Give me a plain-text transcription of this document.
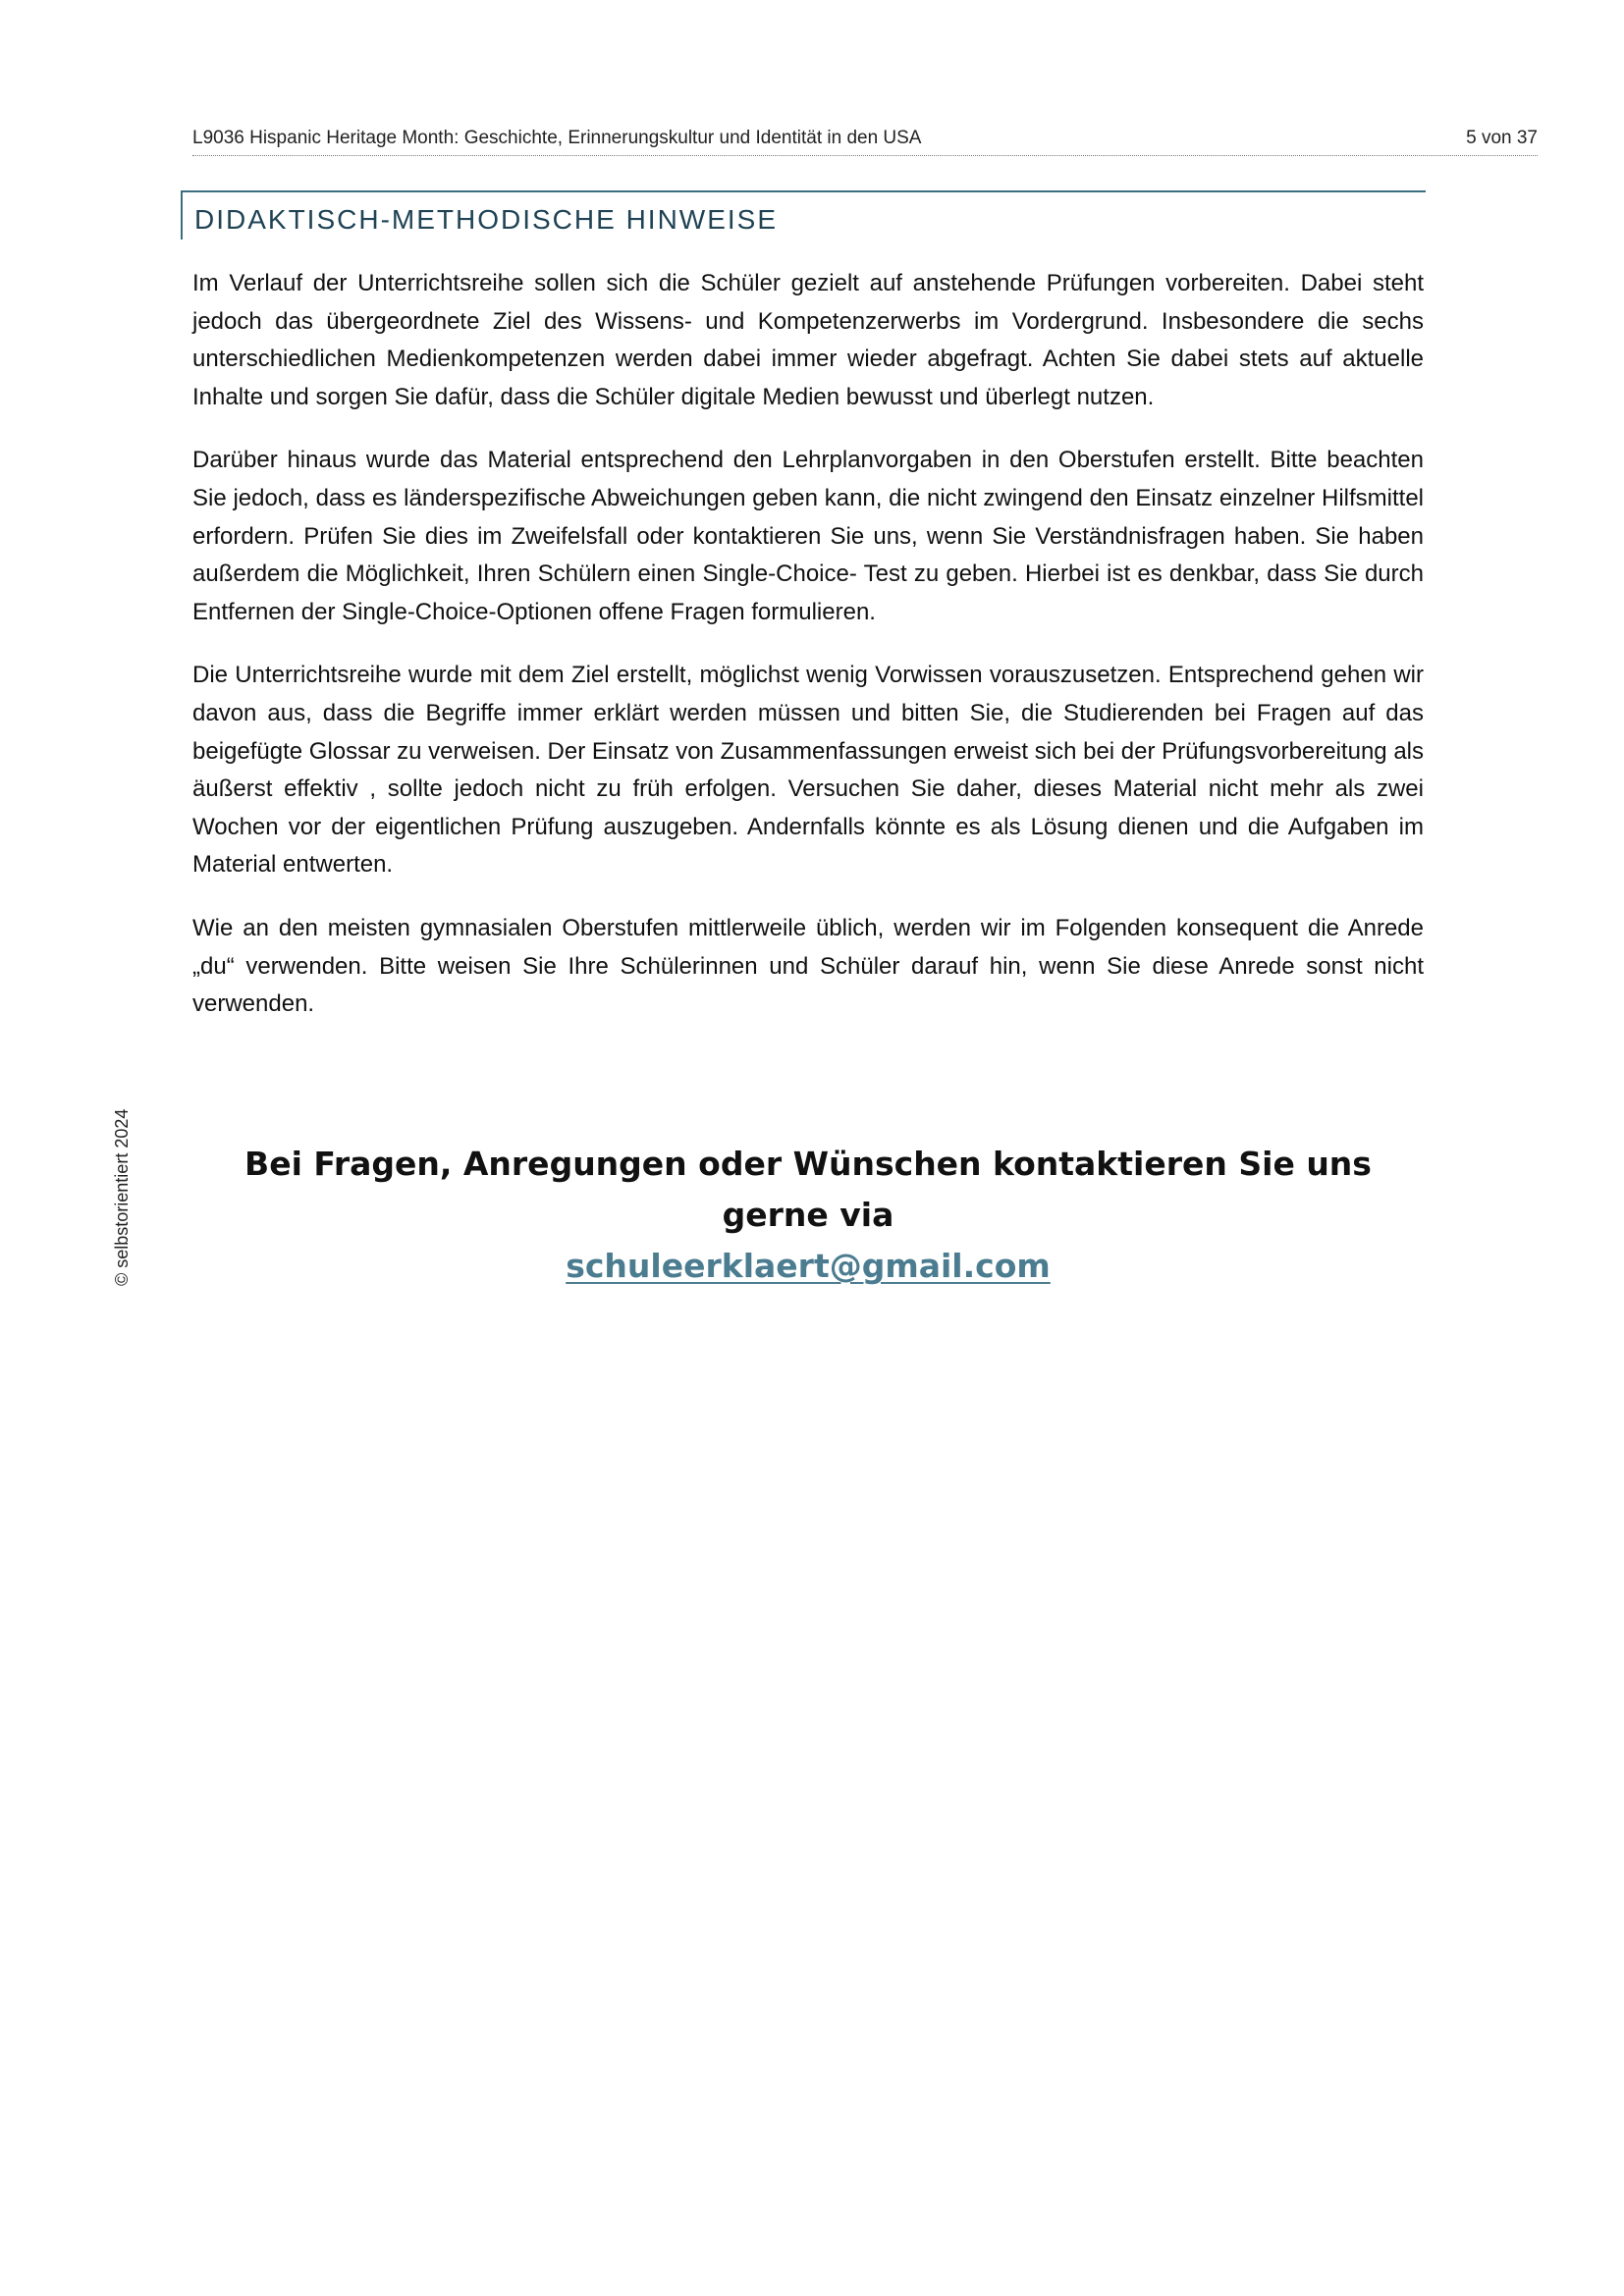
L9036 Hispanic Heritage Month: Geschichte, Erinnerungskultur und Identität in den USA	5 von 37
DIDAKTISCH-METHODISCHE HINWEISE

Im Verlauf der Unterrichtsreihe sollen sich die Schüler gezielt auf anstehende Prüfungen vorbereiten. Dabei steht jedoch das übergeordnete Ziel des Wissens- und Kompetenzerwerbs im Vordergrund. Insbesondere die sechs unterschiedlichen Medienkompetenzen werden dabei immer wieder abgefragt. Achten Sie dabei stets auf aktuelle Inhalte und sorgen Sie dafür, dass die Schüler digitale Medien bewusst und überlegt nutzen.

Darüber hinaus wurde das Material entsprechend den Lehrplanvorgaben in den Oberstufen erstellt. Bitte beachten Sie jedoch, dass es länderspezifische Abweichungen geben kann, die nicht zwingend den Einsatz einzelner Hilfsmittel erfordern. Prüfen Sie dies im Zweifelsfall oder kontaktieren Sie uns, wenn Sie Verständnisfragen haben. Sie haben außerdem die Möglichkeit, Ihren Schülern einen Single-Choice- Test zu geben. Hierbei ist es denkbar, dass Sie durch Entfernen der Single-Choice-Optionen offene Fragen formulieren.

Die Unterrichtsreihe wurde mit dem Ziel erstellt, möglichst wenig Vorwissen vorauszusetzen. Entsprechend gehen wir davon aus, dass die Begriffe immer erklärt werden müssen und bitten Sie, die Studierenden bei Fragen auf das beigefügte Glossar zu verweisen. Der Einsatz von Zusammenfassungen erweist sich bei der Prüfungsvorbereitung als äußerst effektiv , sollte jedoch nicht zu früh erfolgen. Versuchen Sie daher, dieses Material nicht mehr als zwei Wochen vor der eigentlichen Prüfung auszugeben. Andernfalls könnte es als Lösung dienen und die Aufgaben im Material entwerten.

Wie an den meisten gymnasialen Oberstufen mittlerweile üblich, werden wir im Folgenden konsequent die Anrede „du“ verwenden. Bitte weisen Sie Ihre Schülerinnen und Schüler darauf hin, wenn Sie diese Anrede sonst nicht verwenden.

Bei Fragen, Anregungen oder Wünschen kontaktieren Sie uns gerne via
schuleerklaert@gmail.com
© selbstorientiert 2024
